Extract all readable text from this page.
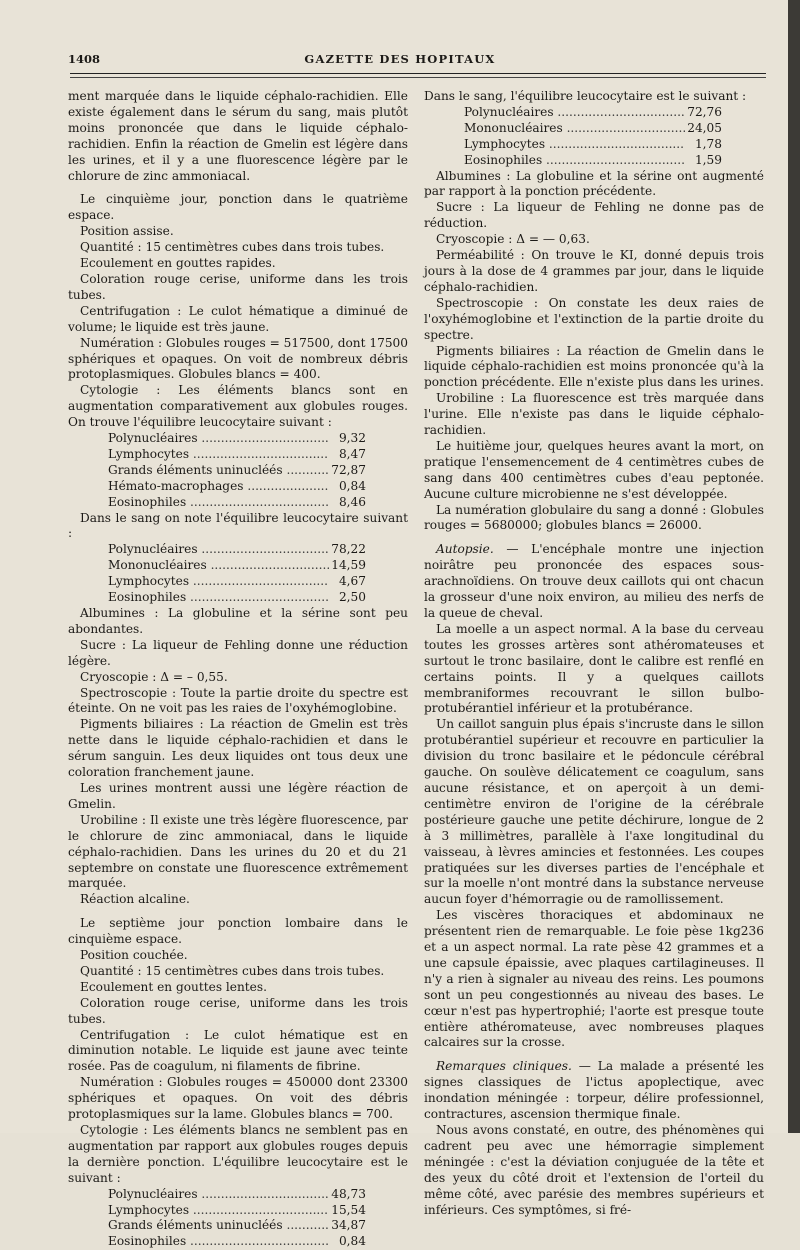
1408	GAZETTE DES HOPITAUX

ment marquée dans le liquide céphalo-rachidien. Elle existe également dans le sérum du sang, mais plutôt moins prononcée que dans le liquide céphalo-rachidien. Enfin la réaction de Gmelin est légère dans les urines, et il y a une fluorescence légère par le chlorure de zinc ammoniacal.

Le cinquième jour, ponction dans le quatrième espace.

Position assise.

Quantité : 15 centimètres cubes dans trois tubes.

Ecoulement en gouttes rapides.

Coloration rouge cerise, uniforme dans les trois tubes.

Centrifugation : Le culot hématique a diminué de volume; le liquide est très jaune.

Numération : Globules rouges = 517500, dont 17500 sphériques et opaques. On voit de nombreux débris protoplasmiques. Globules blancs = 400.

Cytologie : Les éléments blancs sont en augmentation comparativement aux globules rouges. On trouve l'équilibre leucocytaire suivant :

Polynucléaires .....	9,32
Lymphocytes .....	8,47
Grands éléments uninucléés .....	72,87
Hémato-macrophages .....	0,84
Eosinophiles .....	8,46

Dans le sang on note l'équilibre leucocytaire suivant :

Polynucléaires .....	78,22
Mononucléaires .....	14,59
Lymphocytes .....	4,67
Eosinophiles .....	2,50

Albumines : La globuline et la sérine sont peu abondantes.

Sucre : La liqueur de Fehling donne une réduction légère.

Cryoscopie : Δ = – 0,55.

Spectroscopie : Toute la partie droite du spectre est éteinte. On ne voit pas les raies de l'oxyhémoglobine.

Pigments biliaires : La réaction de Gmelin est très nette dans le liquide céphalo-rachidien et dans le sérum sanguin. Les deux liquides ont tous deux une coloration franchement jaune.

Les urines montrent aussi une légère réaction de Gmelin.

Urobiline : Il existe une très légère fluorescence, par le chlorure de zinc ammoniacal, dans le liquide céphalo-rachidien. Dans les urines du 20 et du 21 septembre on constate une fluorescence extrêmement marquée.

Réaction alcaline.

Le septième jour ponction lombaire dans le cinquième espace.

Position couchée.

Quantité : 15 centimètres cubes dans trois tubes.

Ecoulement en gouttes lentes.

Coloration rouge cerise, uniforme dans les trois tubes.

Centrifugation : Le culot hématique est en diminution notable. Le liquide est jaune avec teinte rosée. Pas de coagulum, ni filaments de fibrine.

Numération : Globules rouges = 450000 dont 23300 sphériques et opaques. On voit des débris protoplasmiques sur la lame. Globules blancs = 700.

Cytologie : Les éléments blancs ne semblent pas en augmentation par rapport aux globules rouges depuis la dernière ponction. L'équilibre leucocytaire est le suivant :

Polynucléaires .....	48,73
Lymphocytes .....	15,54
Grands éléments uninucléés .....	34,87
Eosinophiles .....	0,84

Dans le sang, l'équilibre leucocytaire est le suivant :

Polynucléaires .....	72,76
Mononucléaires .....	24,05
Lymphocytes .....	1,78
Eosinophiles .....	1,59

Albumines : La globuline et la sérine ont augmenté par rapport à la ponction précédente.

Sucre : La liqueur de Fehling ne donne pas de réduction.

Cryoscopie : Δ = — 0,63.

Perméabilité : On trouve le KI, donné depuis trois jours à la dose de 4 grammes par jour, dans le liquide céphalo-rachidien.

Spectroscopie : On constate les deux raies de l'oxyhémoglobine et l'extinction de la partie droite du spectre.

Pigments biliaires : La réaction de Gmelin dans le liquide céphalo-rachidien est moins prononcée qu'à la ponction précédente. Elle n'existe plus dans les urines.

Urobiline : La fluorescence est très marquée dans l'urine. Elle n'existe pas dans le liquide céphalo-rachidien.

Le huitième jour, quelques heures avant la mort, on pratique l'ensemencement de 4 centimètres cubes de sang dans 400 centimètres cubes d'eau peptonée. Aucune culture microbienne ne s'est développée.

La numération globulaire du sang a donné : Globules rouges = 5680000; globules blancs = 26000.

Autopsie. — L'encéphale montre une injection noirâtre peu prononcée des espaces sous-arachnoïdiens. On trouve deux caillots qui ont chacun la grosseur d'une noix environ, au milieu des nerfs de la queue de cheval.

La moelle a un aspect normal. A la base du cerveau toutes les grosses artères sont athéromateuses et surtout le tronc basilaire, dont le calibre est renflé en certains points. Il y a quelques caillots membraniformes recouvrant le sillon bulbo-protubérantiel inférieur et la protubérance.

Un caillot sanguin plus épais s'incruste dans le sillon protubérantiel supérieur et recouvre en particulier la division du tronc basilaire et le pédoncule cérébral gauche. On soulève délicatement ce coagulum, sans aucune résistance, et on aperçoit à un demi-centimètre environ de l'origine de la cérébrale postérieure gauche une petite déchirure, longue de 2 à 3 millimètres, parallèle à l'axe longitudinal du vaisseau, à lèvres amincies et festonnées. Les coupes pratiquées sur les diverses parties de l'encéphale et sur la moelle n'ont montré dans la substance nerveuse aucun foyer d'hémorragie ou de ramollissement.

Les viscères thoraciques et abdominaux ne présentent rien de remarquable. Le foie pèse 1kg236 et a un aspect normal. La rate pèse 42 grammes et a une capsule épaissie, avec plaques cartilagineuses. Il n'y a rien à signaler au niveau des reins. Les poumons sont un peu congestionnés au niveau des bases. Le cœur n'est pas hypertrophié; l'aorte est presque toute entière athéromateuse, avec nombreuses plaques calcaires sur la crosse.

Remarques cliniques. — La malade a présenté les signes classiques de l'ictus apoplectique, avec inondation méningée : torpeur, délire professionnel, contractures, ascension thermique finale.

Nous avons constaté, en outre, des phénomènes qui cadrent peu avec une hémorragie simplement méningée : c'est la déviation conjuguée de la tête et des yeux du côté droit et l'extension de l'orteil du même côté, avec parésie des membres supérieurs et inférieurs. Ces symptômes, si fré-
